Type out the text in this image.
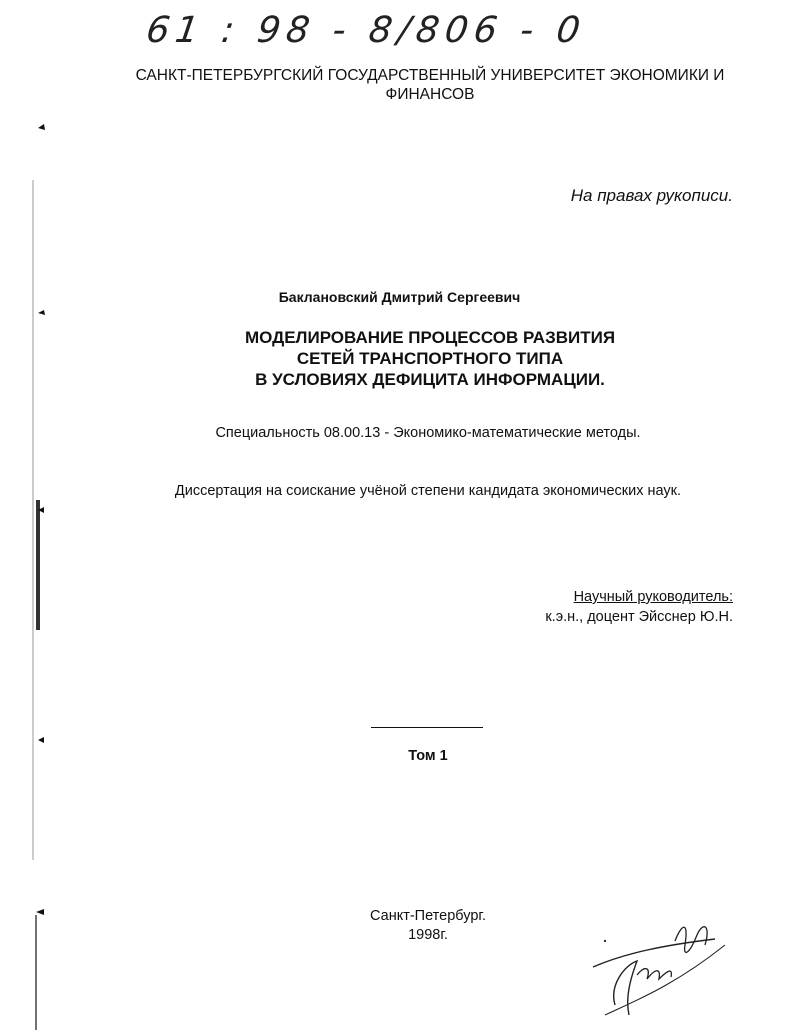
61 : 98 - 8/806 - 0
САНКТ-ПЕТЕРБУРГСКИЙ ГОСУДАРСТВЕННЫЙ УНИВЕРСИТЕТ ЭКОНОМИКИ И ФИНАНСОВ
На правах рукописи.
Баклановский Дмитрий Сергеевич
МОДЕЛИРОВАНИЕ ПРОЦЕССОВ РАЗВИТИЯ
СЕТЕЙ ТРАНСПОРТНОГО ТИПА
В УСЛОВИЯХ ДЕФИЦИТА ИНФОРМАЦИИ.
Специальность 08.00.13 - Экономико-математические методы.
Диссертация на соискание учёной степени кандидата экономических наук.
Научный руководитель:
к.э.н., доцент Эйсснер Ю.Н.
Том 1
Санкт-Петербург.
1998г.
